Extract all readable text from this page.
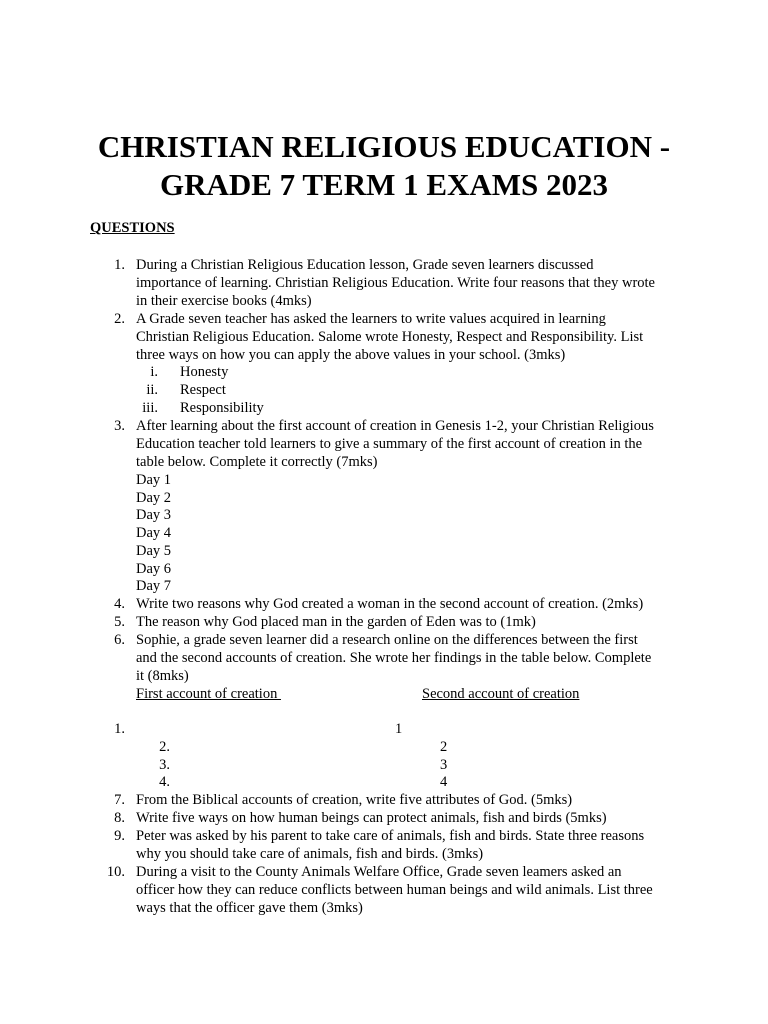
CHRISTIAN RELIGIOUS EDUCATION -
GRADE 7 TERM 1 EXAMS 2023
QUESTIONS
1. During a Christian Religious Education lesson, Grade seven learners discussed
importance of learning. Christian Religious Education. Write four reasons that they wrote
in their exercise books (4mks)
2. A Grade seven teacher has asked the learners to write values acquired in learning
Christian Religious Education. Salome wrote Honesty, Respect and Responsibility. List
three ways on how you can apply the above values in your school. (3mks)
i. Honesty
ii. Respect
iii. Responsibility
3. After learning about the first account of creation in Genesis 1-2, your Christian Religious
Education teacher told learners to give a summary of the first account of creation in the
table below. Complete it correctly (7mks)
Day 1
Day 2
Day 3
Day 4
Day 5
Day 6
Day 7
4. Write two reasons why God created a woman in the second account of creation. (2mks)
5. The reason why God placed man in the garden of Eden was to (1mk)
6. Sophie, a grade seven learner did a research online on the differences between the first
and the second accounts of creation. She wrote her findings in the table below. Complete
it (8mks)
First account of creation	Second account of creation
1.	1
2.	2
3.	3
4.	4
7. From the Biblical accounts of creation, write five attributes of God. (5mks)
8. Write five ways on how human beings can protect animals, fish and birds (5mks)
9. Peter was asked by his parent to take care of animals, fish and birds. State three reasons
why you should take care of animals, fish and birds. (3mks)
10. During a visit to the County Animals Welfare Office, Grade seven leamers asked an
officer how they can reduce conflicts between human beings and wild animals. List three
ways that the officer gave them (3mks)
